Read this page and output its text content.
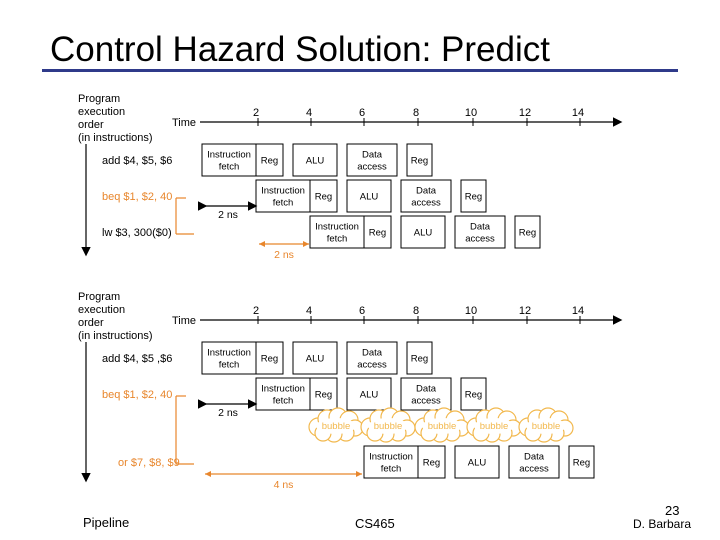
Control Hazard Solution: Predict
Program
execution
order
(in instructions)
Time
2	4	6	8	10	12	14
add $4, $5, $6
beq $1, $2, 40
Instruction
fetch
Reg	ALU
Data
access
Reg
Instruction
fetch
Reg	ALU
Data
access
Reg
2 ns
lw $3, 300($0)	Instruction
fetch
Reg	ALU
Data
access
Reg
2 ns
Program
execution
order
(in instructions)
Time
2	4	6	8	10	12	14
add $4, $5 ,$6
beq $1, $2, 40
Instruction
fetch
Reg	ALU
Data
access
Reg
Instruction
fetch
Reg	ALU
Data
access
Reg
2 ns
or $7, $8, $9	Instruction
fetch
Reg	ALU
Data
access
Reg
4 ns
bubble bubble	bubble bubble bubble
Pipeline	CS465
23
D. Barbara
